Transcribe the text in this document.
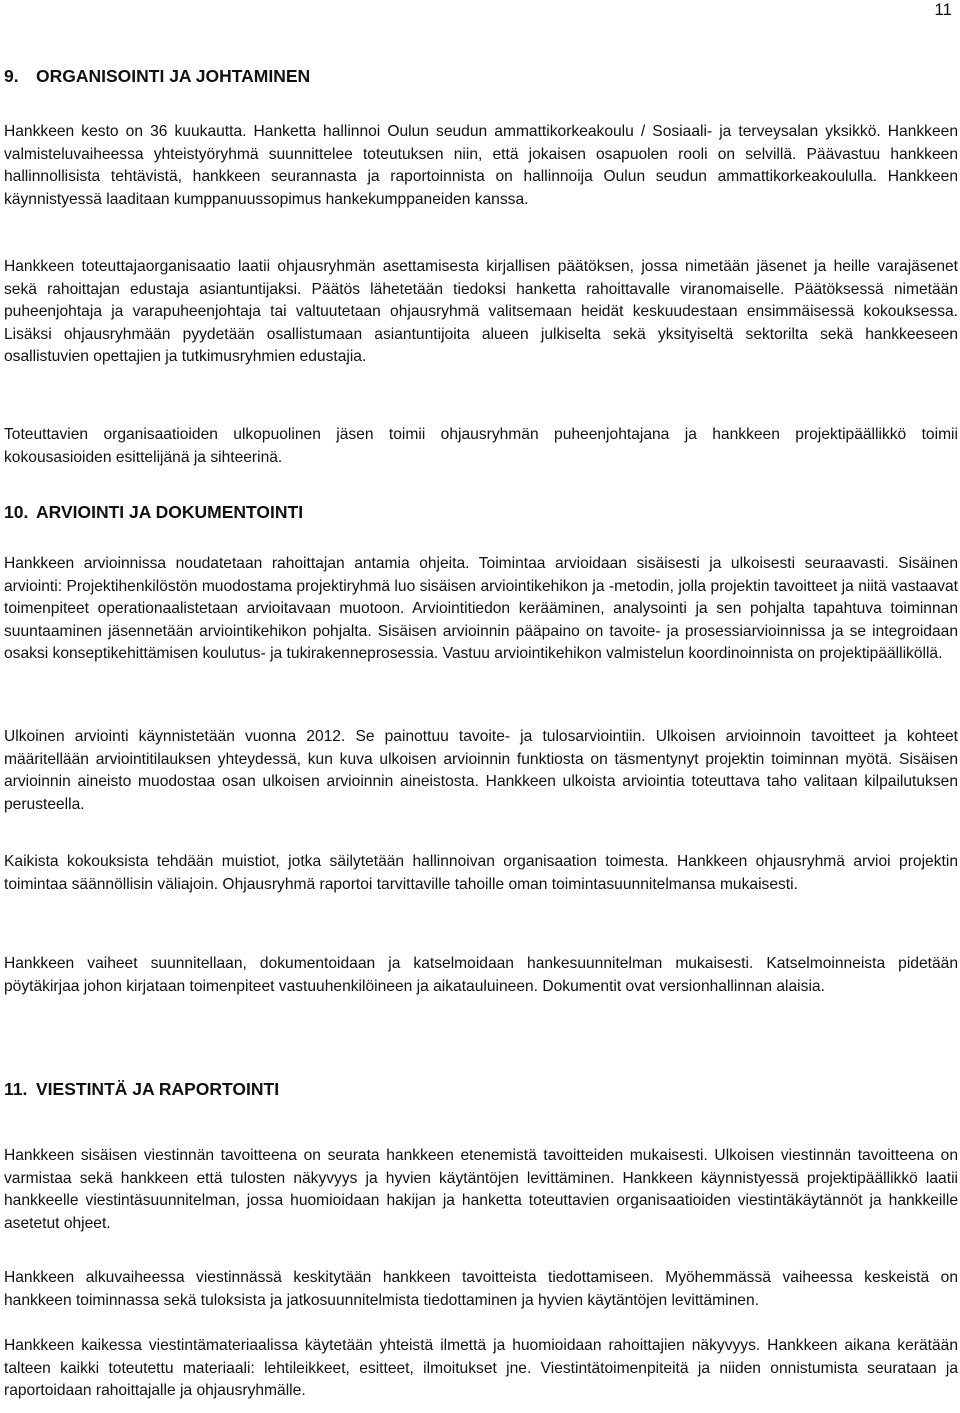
11
9. ORGANISOINTI JA JOHTAMINEN

Hankkeen kesto on 36 kuukautta. Hanketta hallinnoi Oulun seudun ammattikorkeakoulu / Sosiaali- ja terveysalan yksikkö. Hankkeen valmisteluvaiheessa yhteistyöryhmä suunnittelee toteutuksen niin, että jokaisen osapuolen rooli on selvillä. Päävastuu hankkeen hallinnollisista tehtävistä, hankkeen seurannasta ja raportoinnista on hallinnoija Oulun seudun ammattikorkeakoululla. Hankkeen käynnistyessä laaditaan kumppanuussopimus hankekumppaneiden kanssa.

Hankkeen toteuttajaorganisaatio laatii ohjausryhmän asettamisesta kirjallisen päätöksen, jossa nimetään jäsenet ja heille varajäsenet sekä rahoittajan edustaja asiantuntijaksi. Päätös lähetetään tiedoksi hanketta rahoittavalle viranomaiselle. Päätöksessä nimetään puheenjohtaja ja varapuheenjohtaja tai valtuutetaan ohjausryhmä valitsemaan heidät keskuudestaan ensimmäisessä kokouksessa. Lisäksi ohjausryhmään pyydetään osallistumaan asiantuntijoita alueen julkiselta sekä yksityiseltä sektorilta sekä hankkeeseen osallistuvien opettajien ja tutkimusryhmien edustajia.

Toteuttavien organisaatioiden ulkopuolinen jäsen toimii ohjausryhmän puheenjohtajana ja hankkeen projektipäällikkö toimii kokousasioiden esittelijänä ja sihteerinä.

10. ARVIOINTI JA DOKUMENTOINTI

Hankkeen arvioinnissa noudatetaan rahoittajan antamia ohjeita. Toimintaa arvioidaan sisäisesti ja ulkoisesti seuraavasti. Sisäinen arviointi: Projektihenkilöstön muodostama projektiryhmä luo sisäisen arviointikehikon ja -metodin, jolla projektin tavoitteet ja niitä vastaavat toimenpiteet operationaalistetaan arvioitavaan muotoon. Arviointitiedon kerääminen, analysointi ja sen pohjalta tapahtuva toiminnan suuntaaminen jäsennetään arviointikehikon pohjalta. Sisäisen arvioinnin pääpaino on tavoite- ja prosessiarvioinnissa ja se integroidaan osaksi konseptikehittämisen koulutus- ja tukirakenneprosessia. Vastuu arviointikehikon valmistelun koordinoinnista on projektipäälliköllä.

Ulkoinen arviointi käynnistetään vuonna 2012. Se painottuu tavoite- ja tulosarviointiin. Ulkoisen arvioinnoin tavoitteet ja kohteet määritellään arviointitilauksen yhteydessä, kun kuva ulkoisen arvioinnin funktiosta on täsmentynyt projektin toiminnan myötä. Sisäisen arvioinnin aineisto muodostaa osan ulkoisen arvioinnin aineistosta. Hankkeen ulkoista arviointia toteuttava taho valitaan kilpailutuksen perusteella.

Kaikista kokouksista tehdään muistiot, jotka säilytetään hallinnoivan organisaation toimesta. Hankkeen ohjausryhmä arvioi projektin toimintaa säännöllisin väliajoin. Ohjausryhmä raportoi tarvittaville tahoille oman toimintasuunnitelmansa mukaisesti.

Hankkeen vaiheet suunnitellaan, dokumentoidaan ja katselmoidaan hankesuunnitelman mukaisesti. Katselmoinneista pidetään pöytäkirjaa johon kirjataan toimenpiteet vastuuhenkilöineen ja aikatauluineen. Dokumentit ovat versionhallinnan alaisia.

11. VIESTINTÄ JA RAPORTOINTI

Hankkeen sisäisen viestinnän tavoitteena on seurata hankkeen etenemistä tavoitteiden mukaisesti. Ulkoisen viestinnän tavoitteena on varmistaa sekä hankkeen että tulosten näkyvyys ja hyvien käytäntöjen levittäminen. Hankkeen käynnistyessä projektipäällikkö laatii hankkeelle viestintäsuunnitelman, jossa huomioidaan hakijan ja hanketta toteuttavien organisaatioiden viestintäkäytännöt ja hankkeille asetetut ohjeet.

Hankkeen alkuvaiheessa viestinnässä keskitytään hankkeen tavoitteista tiedottamiseen. Myöhemmässä vaiheessa keskeistä on hankkeen toiminnassa sekä tuloksista ja jatkosuunnitelmista tiedottaminen ja hyvien käytäntöjen levittäminen.

Hankkeen kaikessa viestintämateriaalissa käytetään yhteistä ilmettä ja huomioidaan rahoittajien näkyvyys. Hankkeen aikana kerätään talteen kaikki toteutettu materiaali: lehtileikkeet, esitteet, ilmoitukset jne. Viestintätoimenpiteitä ja niiden onnistumista seurataan ja raportoidaan rahoittajalle ja ohjausryhmälle.
